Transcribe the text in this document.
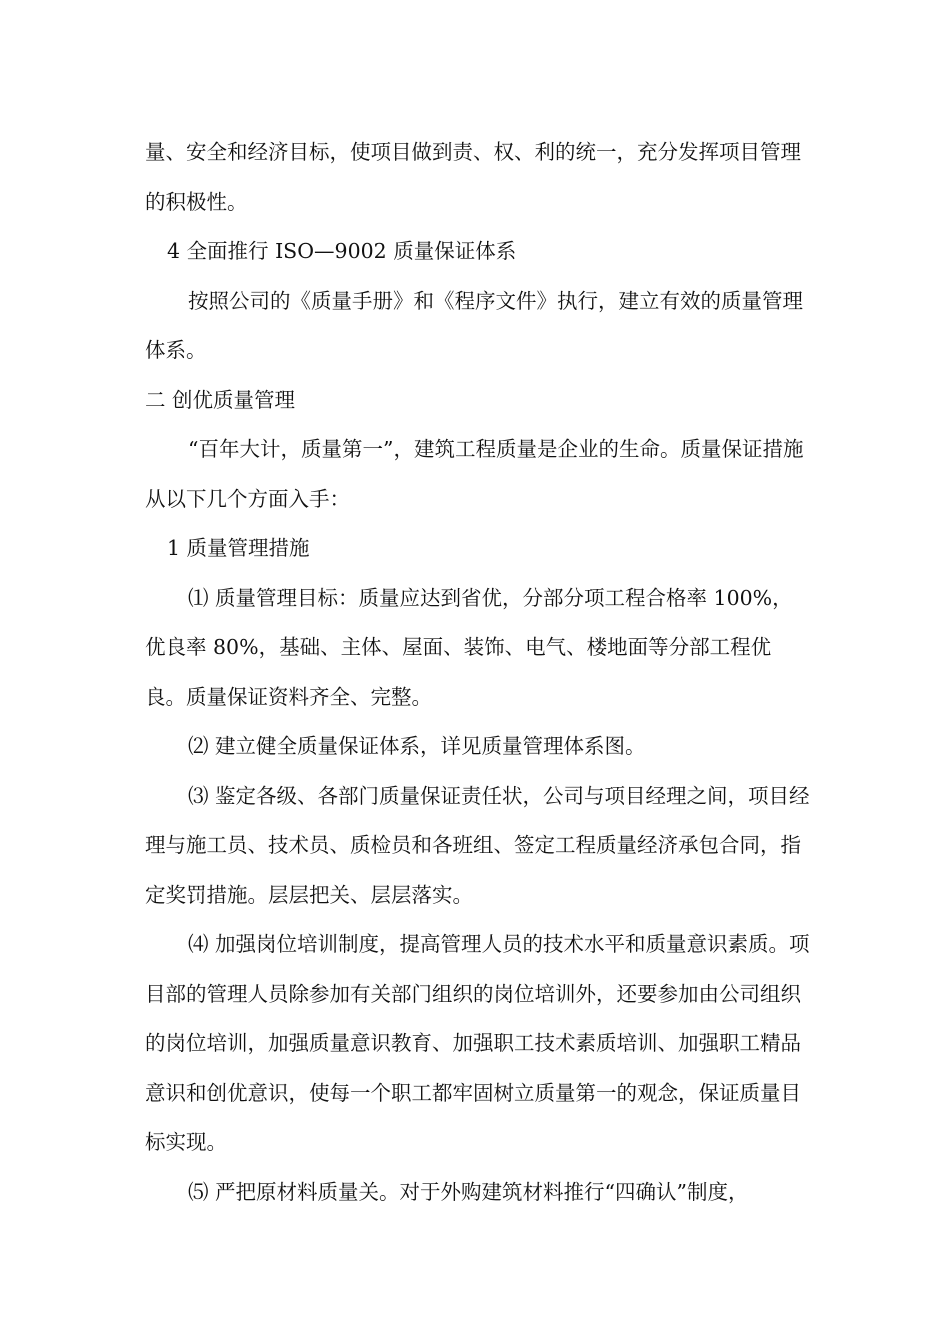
量、安全和经济目标，使项目做到责、权、利的统一，充分发挥项目管理的积极性。

4 全面推行 ISO—9002 质量保证体系

按照公司的《质量手册》和《程序文件》执行，建立有效的质量管理体系。

二 创优质量管理

“百年大计，质量第一”，建筑工程质量是企业的生命。质量保证措施从以下几个方面入手：

1 质量管理措施

⑴ 质量管理目标：质量应达到省优，分部分项工程合格率 100%，优良率 80%，基础、主体、屋面、装饰、电气、楼地面等分部工程优良。质量保证资料齐全、完整。

⑵ 建立健全质量保证体系，详见质量管理体系图。

⑶ 鉴定各级、各部门质量保证责任状，公司与项目经理之间，项目经理与施工员、技术员、质检员和各班组、签定工程质量经济承包合同，指定奖罚措施。层层把关、层层落实。

⑷ 加强岗位培训制度，提高管理人员的技术水平和质量意识素质。项目部的管理人员除参加有关部门组织的岗位培训外，还要参加由公司组织的岗位培训，加强质量意识教育、加强职工技术素质培训、加强职工精品意识和创优意识，使每一个职工都牢固树立质量第一的观念，保证质量目标实现。

⑸ 严把原材料质量关。对于外购建筑材料推行“四确认”制度，
